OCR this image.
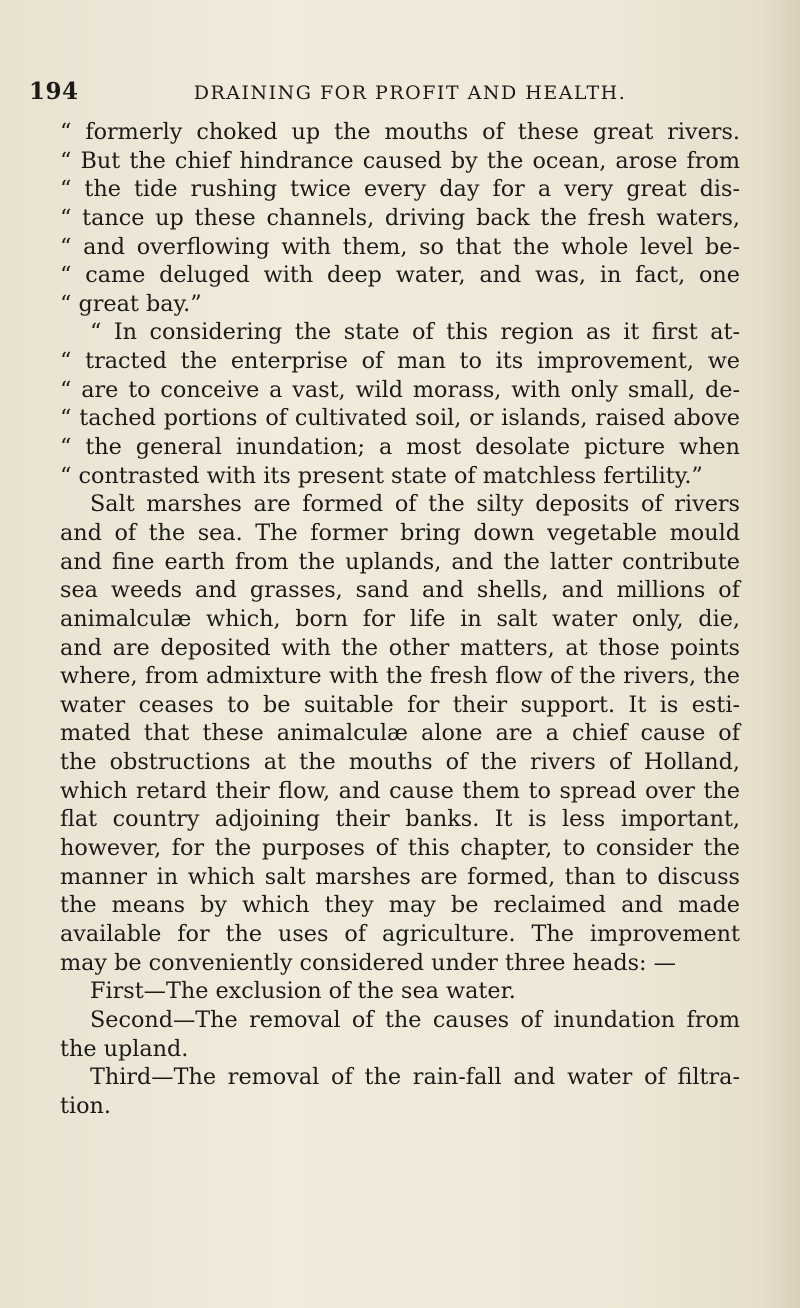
194	DRAINING FOR PROFIT AND HEALTH.
“ formerly choked up the mouths of these great rivers.
“ But the chief hindrance caused by the ocean, arose from
“ the tide rushing twice every day for a very great dis-
“ tance up these channels, driving back the fresh waters,
“ and overflowing with them, so that the whole level be-
“ came deluged with deep water, and was, in fact, one
“ great bay.”
“ In considering the state of this region as it first at-
“ tracted the enterprise of man to its improvement, we
“ are to conceive a vast, wild morass, with only small, de-
“ tached portions of cultivated soil, or islands, raised above
“ the general inundation; a most desolate picture when
“ contrasted with its present state of matchless fertility.”
Salt marshes are formed of the silty deposits of rivers
and of the sea. The former bring down vegetable mould
and fine earth from the uplands, and the latter contribute
sea weeds and grasses, sand and shells, and millions of
animalculæ which, born for life in salt water only, die,
and are deposited with the other matters, at those points
where, from admixture with the fresh flow of the rivers, the
water ceases to be suitable for their support. It is esti-
mated that these animalculæ alone are a chief cause of
the obstructions at the mouths of the rivers of Holland,
which retard their flow, and cause them to spread over the
flat country adjoining their banks. It is less important,
however, for the purposes of this chapter, to consider the
manner in which salt marshes are formed, than to discuss
the means by which they may be reclaimed and made
available for the uses of agriculture. The improvement
may be conveniently considered under three heads: —
First—The exclusion of the sea water.
Second—The removal of the causes of inundation from
the upland.
Third—The removal of the rain-fall and water of filtra-
tion.
